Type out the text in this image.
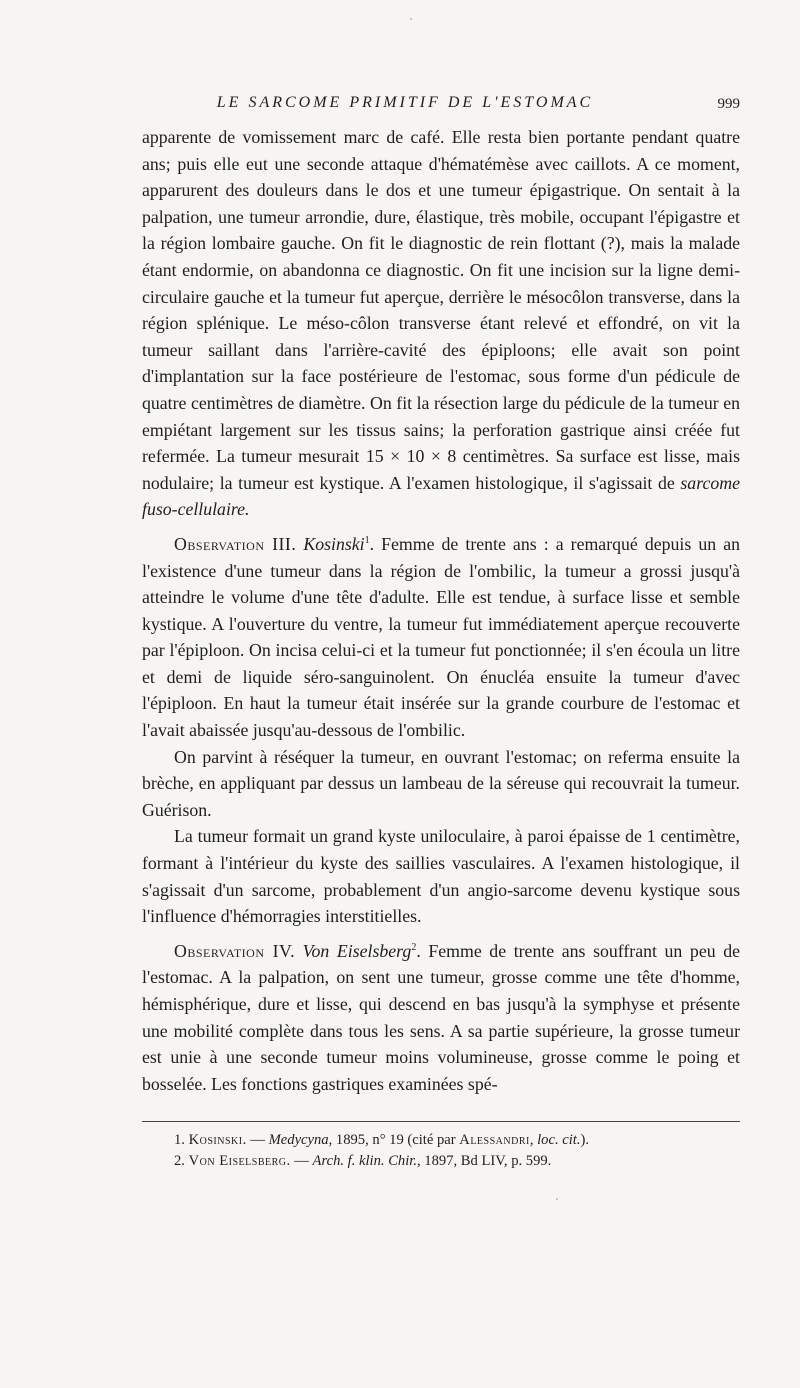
LE SARCOME PRIMITIF DE L'ESTOMAC	999

apparente de vomissement marc de café. Elle resta bien portante pendant quatre ans; puis elle eut une seconde attaque d'hématémèse avec caillots. A ce moment, apparurent des douleurs dans le dos et une tumeur épigastrique. On sentait à la palpation, une tumeur arrondie, dure, élastique, très mobile, occupant l'épigastre et la région lombaire gauche. On fit le diagnostic de rein flottant (?), mais la malade étant endormie, on abandonna ce diagnostic. On fit une incision sur la ligne demi-circulaire gauche et la tumeur fut aperçue, derrière le mésocôlon transverse, dans la région splénique. Le méso-côlon transverse étant relevé et effondré, on vit la tumeur saillant dans l'arrière-cavité des épiploons; elle avait son point d'implantation sur la face postérieure de l'estomac, sous forme d'un pédicule de quatre centimètres de diamètre. On fit la résection large du pédicule de la tumeur en empiétant largement sur les tissus sains; la perforation gastrique ainsi créée fut refermée. La tumeur mesurait 15 × 10 × 8 centimètres. Sa surface est lisse, mais nodulaire; la tumeur est kystique. A l'examen histologique, il s'agissait de sarcome fuso-cellulaire.

Observation III. Kosinski$^1$. Femme de trente ans : a remarqué depuis un an l'existence d'une tumeur dans la région de l'ombilic, la tumeur a grossi jusqu'à atteindre le volume d'une tête d'adulte. Elle est tendue, à surface lisse et semble kystique. A l'ouverture du ventre, la tumeur fut immédiatement aperçue recouverte par l'épiploon. On incisa celui-ci et la tumeur fut ponctionnée; il s'en écoula un litre et demi de liquide séro-sanguinolent. On énucléa ensuite la tumeur d'avec l'épiploon. En haut la tumeur était insérée sur la grande courbure de l'estomac et l'avait abaissée jusqu'au-dessous de l'ombilic.

On parvint à réséquer la tumeur, en ouvrant l'estomac; on referma ensuite la brèche, en appliquant par dessus un lambeau de la séreuse qui recouvrait la tumeur. Guérison.

La tumeur formait un grand kyste uniloculaire, à paroi épaisse de 1 centimètre, formant à l'intérieur du kyste des saillies vasculaires. A l'examen histologique, il s'agissait d'un sarcome, probablement d'un angio-sarcome devenu kystique sous l'influence d'hémorragies interstitielles.

Observation IV. Von Eiselsberg$^2$. Femme de trente ans souffrant un peu de l'estomac. A la palpation, on sent une tumeur, grosse comme une tête d'homme, hémisphérique, dure et lisse, qui descend en bas jusqu'à la symphyse et présente une mobilité complète dans tous les sens. A sa partie supérieure, la grosse tumeur est unie à une seconde tumeur moins volumineuse, grosse comme le poing et bosselée. Les fonctions gastriques examinées spé-

1. Kosinski. — Medycyna, 1895, n° 19 (cité par Alessandri, loc. cit.).

2. Von Eiselsberg. — Arch. f. klin. Chir., 1897, Bd LIV, p. 599.
